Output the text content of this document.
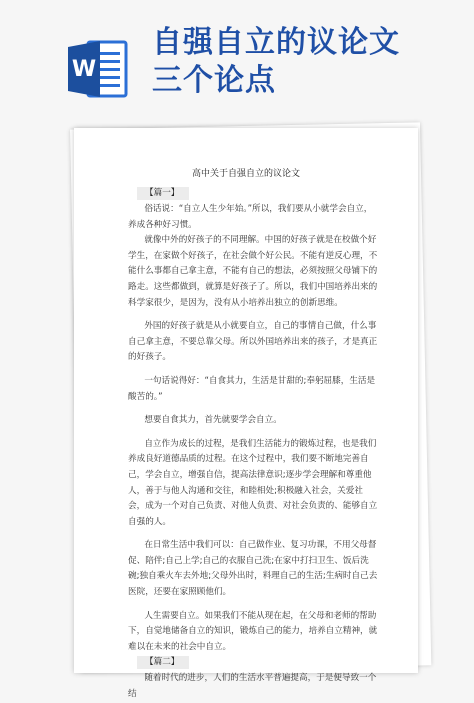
W
自强自立的议论文
三个论点
高中关于自强自立的议论文
【篇一】

俗话说：“自立人生少年始。”所以，我们要从小就学会自立，养成各种好习惯。

就像中外的好孩子的不同理解。中国的好孩子就是在校做个好学生，在家做个好孩子，在社会做个好公民。不能有逆反心理，不能什么事都自己拿主意，不能有自己的想法，必须按照父母铺下的路走。这些都做到，就算是好孩子了。所以，我们中国培养出来的科学家很少，是因为，没有从小培养出独立的创新思维。

外国的好孩子就是从小就要自立，自己的事情自己做，什么事自己拿主意，不要总靠父母。所以外国培养出来的孩子，才是真正的好孩子。

一句话说得好：“自食其力，生活是甘甜的;奉躬屈膝，生活是酸苦的。”

想要自食其力，首先就要学会自立。

自立作为成长的过程，是我们生活能力的锻炼过程，也是我们养成良好道德品质的过程。在这个过程中，我们要不断地完善自己，学会自立，增强自信，提高法律意识;逐步学会理解和尊重他人，善于与他人沟通和交往，和睦相处;积极融入社会，关爱社会，成为一个对自己负责、对他人负责、对社会负责的、能够自立自强的人。

在日常生活中我们可以：自己做作业、复习功课，不用父母督促、陪伴;自己上学;自己的衣服自己洗;在家中打扫卫生、饭后洗碗;独自乘火车去外地;父母外出时，料理自己的生活;生病时自己去医院，还要在家照顾他们。

人生需要自立。如果我们不能从现在起，在父母和老师的帮助下，自觉地储备自立的知识，锻炼自己的能力，培养自立精神，就难以在未来的社会中自立。

【篇二】

随着时代的进步，人们的生活水平普遍提高，于是便导致一个结
